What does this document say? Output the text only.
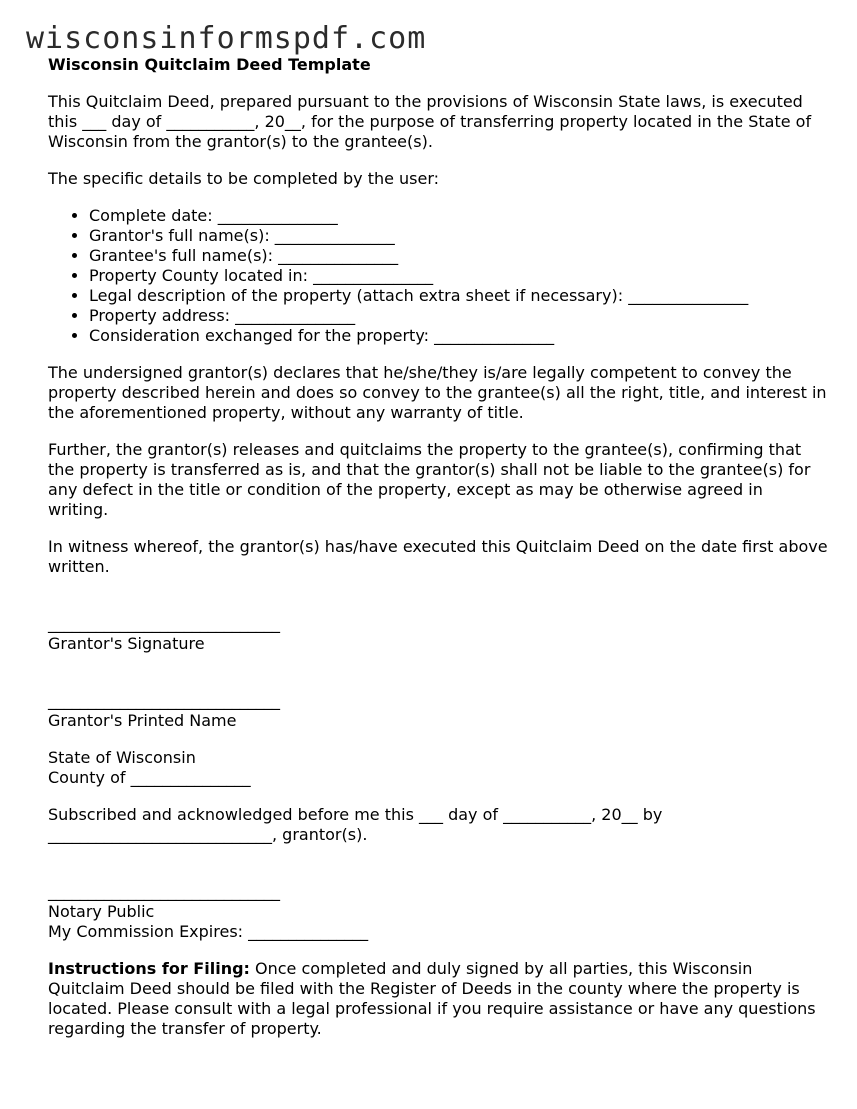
wisconsinformspdf.com
Wisconsin Quitclaim Deed Template

This Quitclaim Deed, prepared pursuant to the provisions of Wisconsin State laws, is executed this ___ day of ___________, 20__, for the purpose of transferring property located in the State of Wisconsin from the grantor(s) to the grantee(s).

The specific details to be completed by the user:

• Complete date: _______________
• Grantor's full name(s): _______________
• Grantee's full name(s): _______________
• Property County located in: _______________
• Legal description of the property (attach extra sheet if necessary): _______________
• Property address: _______________
• Consideration exchanged for the property: _______________

The undersigned grantor(s) declares that he/she/they is/are legally competent to convey the property described herein and does so convey to the grantee(s) all the right, title, and interest in the aforementioned property, without any warranty of title.

Further, the grantor(s) releases and quitclaims the property to the grantee(s), confirming that the property is transferred as is, and that the grantor(s) shall not be liable to the grantee(s) for any defect in the title or condition of the property, except as may be otherwise agreed in writing.

In witness whereof, the grantor(s) has/have executed this Quitclaim Deed on the date first above written.

_____________________________
Grantor's Signature
_____________________________
Grantor's Printed Name
State of Wisconsin
County of _______________
Subscribed and acknowledged before me this ___ day of ___________, 20__ by
____________________________, grantor(s).
_____________________________
Notary Public
My Commission Expires: _______________

Instructions for Filing: Once completed and duly signed by all parties, this Wisconsin Quitclaim Deed should be filed with the Register of Deeds in the county where the property is located. Please consult with a legal professional if you require assistance or have any questions regarding the transfer of property.
